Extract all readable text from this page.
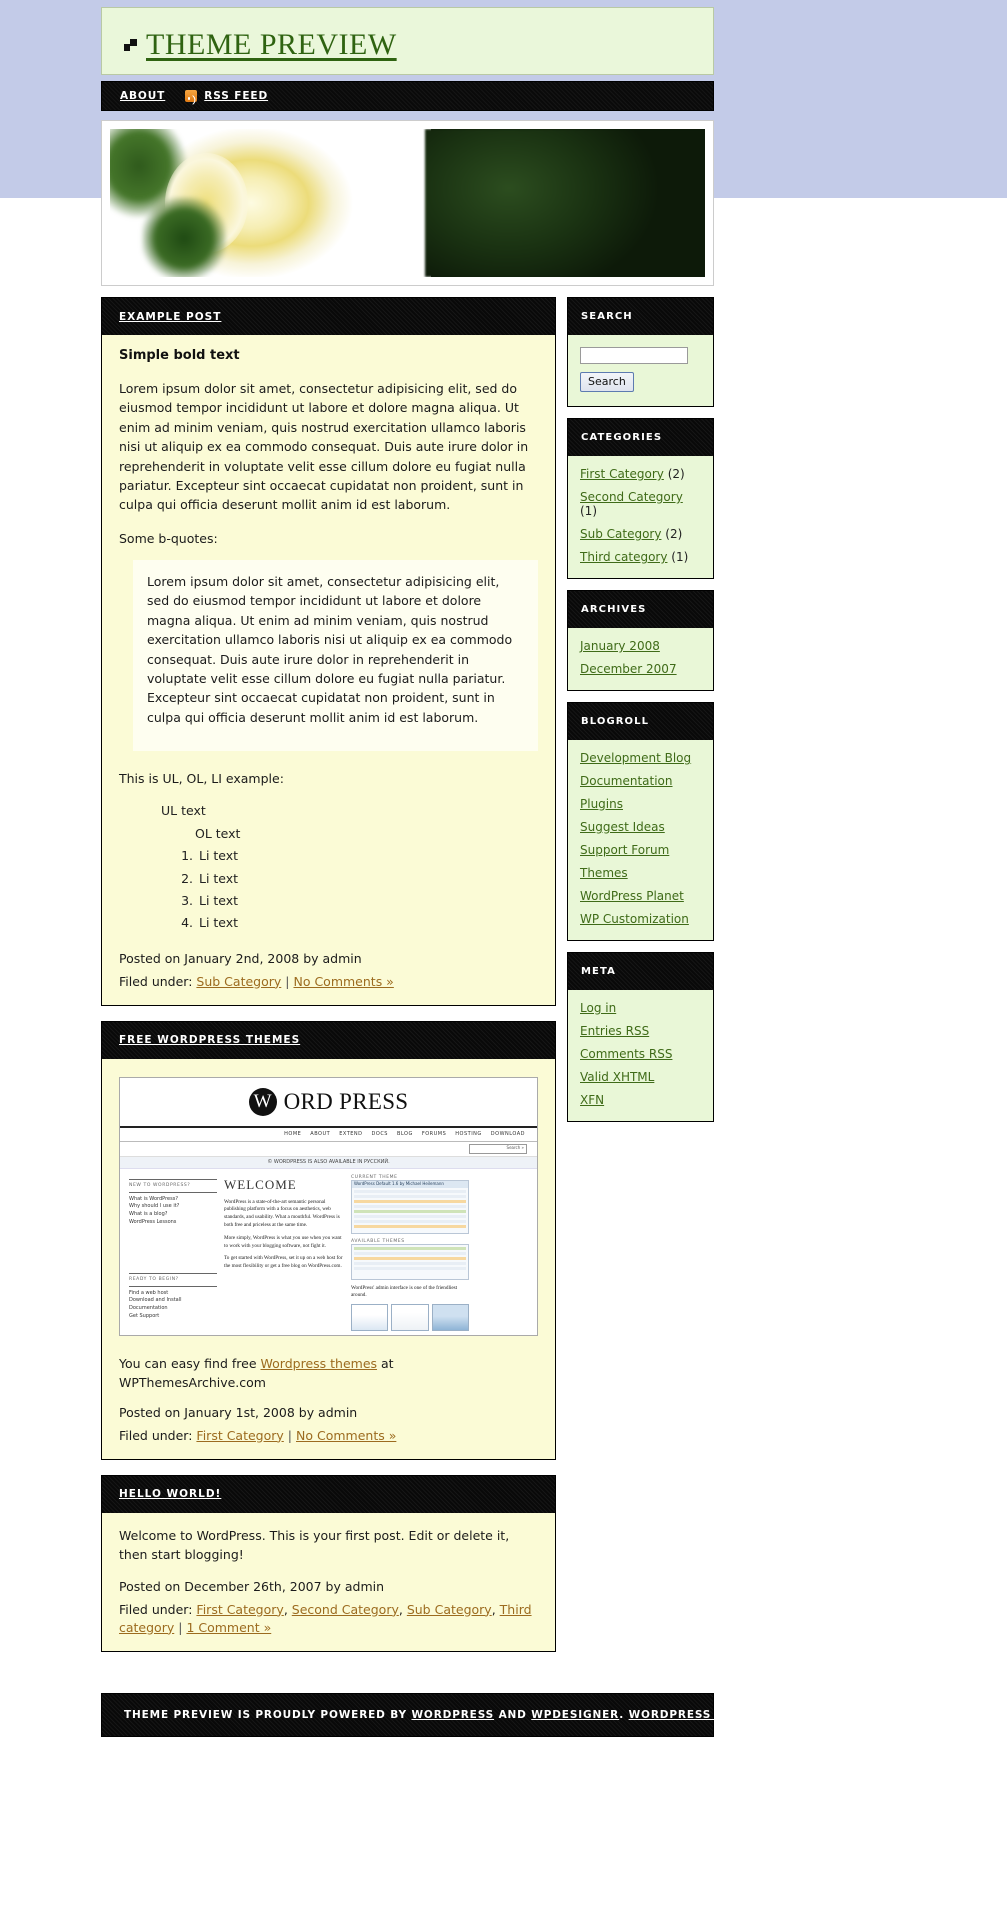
THEME PREVIEW
ABOUT	RSS FEED
EXAMPLE POST
Simple bold text

Lorem ipsum dolor sit amet, consectetur adipisicing elit, sed do eiusmod tempor incididunt ut labore et dolore magna aliqua. Ut enim ad minim veniam, quis nostrud exercitation ullamco laboris nisi ut aliquip ex ea commodo consequat. Duis aute irure dolor in reprehenderit in voluptate velit esse cillum dolore eu fugiat nulla pariatur. Excepteur sint occaecat cupidatat non proident, sunt in culpa qui officia deserunt mollit anim id est laborum.

Some b-quotes:

Lorem ipsum dolor sit amet, consectetur adipisicing elit, sed do eiusmod tempor incididunt ut labore et dolore magna aliqua. Ut enim ad minim veniam, quis nostrud exercitation ullamco laboris nisi ut aliquip ex ea commodo consequat. Duis aute irure dolor in reprehenderit in voluptate velit esse cillum dolore eu fugiat nulla pariatur. Excepteur sint occaecat cupidatat non proident, sunt in culpa qui officia deserunt mollit anim id est laborum.

This is UL, OL, LI example:

UL text
OL text
1. Li text
2. Li text
3. Li text
4. Li text
Posted on January 2nd, 2008 by admin
Filed under: Sub Category | No Comments »
FREE WORDPRESS THEMES
W ORD PRESS
HOME ABOUT EXTEND DOCS BLOG FORUMS HOSTING DOWNLOAD
Search »
© WORDPRESS IS ALSO AVAILABLE IN РУССКИЙ.
NEW TO WORDPRESS?
What is WordPress?
Why should I use it?
What is a blog?
WordPress Lessons
READY TO BEGIN?
Find a web host
Download and Install
Documentation
Get Support
WELCOME
WordPress is a state-of-the-art semantic personal publishing platform with a focus on aesthetics, web standards, and usability. What a mouthful. WordPress is both free and priceless at the same time.
More simply, WordPress is what you use when you want to work with your blogging software, not fight it.
To get started with WordPress, set it up on a web host for the most flexibility or get a free blog on WordPress.com.
CURRENT THEME
WordPress Default 1.6 by Michael Heilemann
AVAILABLE THEMES
WordPress' admin interface is one of the friendliest around.

You can easy find free Wordpress themes at WPThemesArchive.com

Posted on January 1st, 2008 by admin
Filed under: First Category | No Comments »
HELLO WORLD!

Welcome to WordPress. This is your first post. Edit or delete it, then start blogging!

Posted on December 26th, 2007 by admin
Filed under: First Category, Second Category, Sub Category, Third category | 1 Comment »
SEARCH
Search
CATEGORIES
First Category (2)
Second Category (1)
Sub Category (2)
Third category (1)
ARCHIVES
January 2008
December 2007
BLOGROLL
Development Blog
Documentation
Plugins
Suggest Ideas
Support Forum
Themes
WordPress Planet
WP Customization
META
Log in
Entries RSS
Comments RSS
Valid XHTML
XFN
THEME PREVIEW IS PROUDLY POWERED BY WORDPRESS AND WPDESIGNER. WORDPRESS THEMES
